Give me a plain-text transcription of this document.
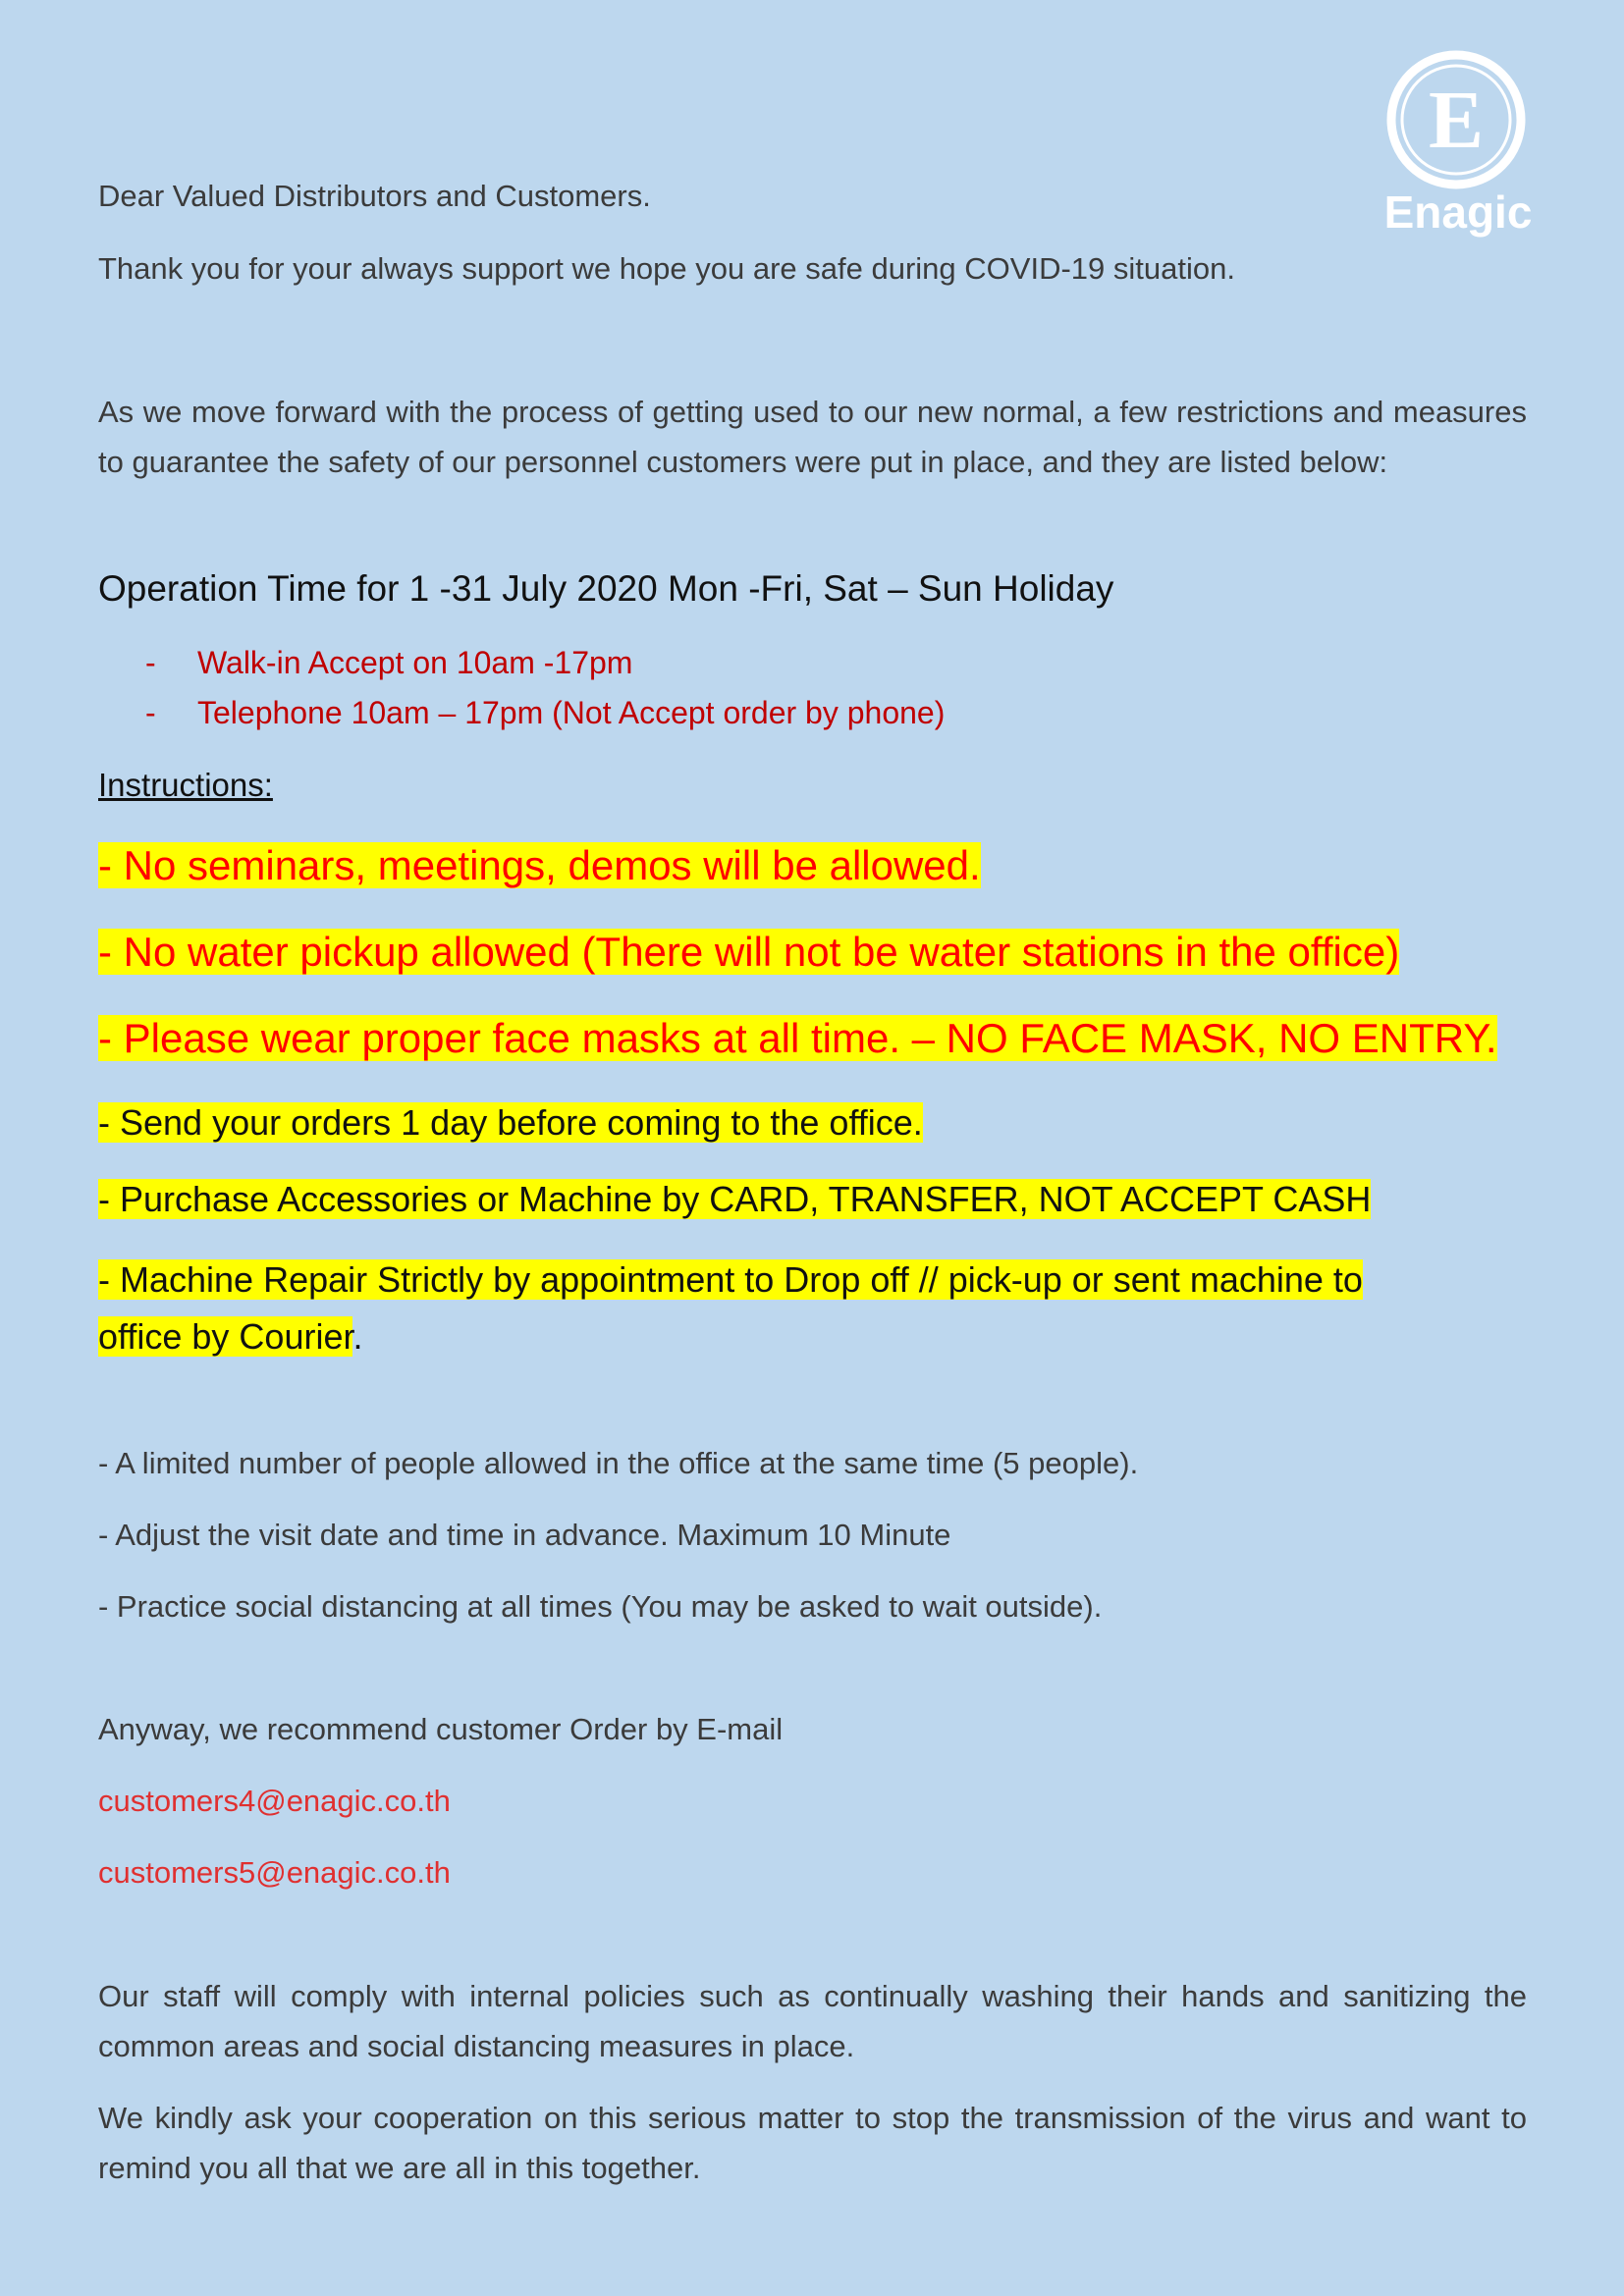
E
Enagic

Dear Valued Distributors and Customers.

Thank you for your always support we hope you are safe during COVID-19 situation.

As we move forward with the process of getting used to our new normal, a few restrictions and measures to guarantee the safety of our personnel customers were put in place, and they are listed below:

Operation Time for 1 -31 July 2020 Mon -Fri, Sat – Sun Holiday

-	Walk-in Accept on 10am -17pm
-	Telephone 10am – 17pm (Not Accept order by phone)

Instructions:

- No seminars, meetings, demos will be allowed.

- No water pickup allowed (There will not be water stations in the office)

- Please wear proper face masks at all time. – NO FACE MASK, NO ENTRY.

- Send your orders 1 day before coming to the office.

- Purchase Accessories or Machine by CARD, TRANSFER, NOT ACCEPT CASH

- Machine Repair Strictly by appointment to Drop off // pick-up or sent machine to
office by Courier.

- A limited number of people allowed in the office at the same time (5 people).

- Adjust the visit date and time in advance. Maximum 10 Minute

- Practice social distancing at all times (You may be asked to wait outside).

Anyway, we recommend customer Order by E-mail

customers4@enagic.co.th

customers5@enagic.co.th

Our staff will comply with internal policies such as continually washing their hands and sanitizing the common areas and social distancing measures in place.

We kindly ask your cooperation on this serious matter to stop the transmission of the virus and want to remind you all that we are all in this together.
